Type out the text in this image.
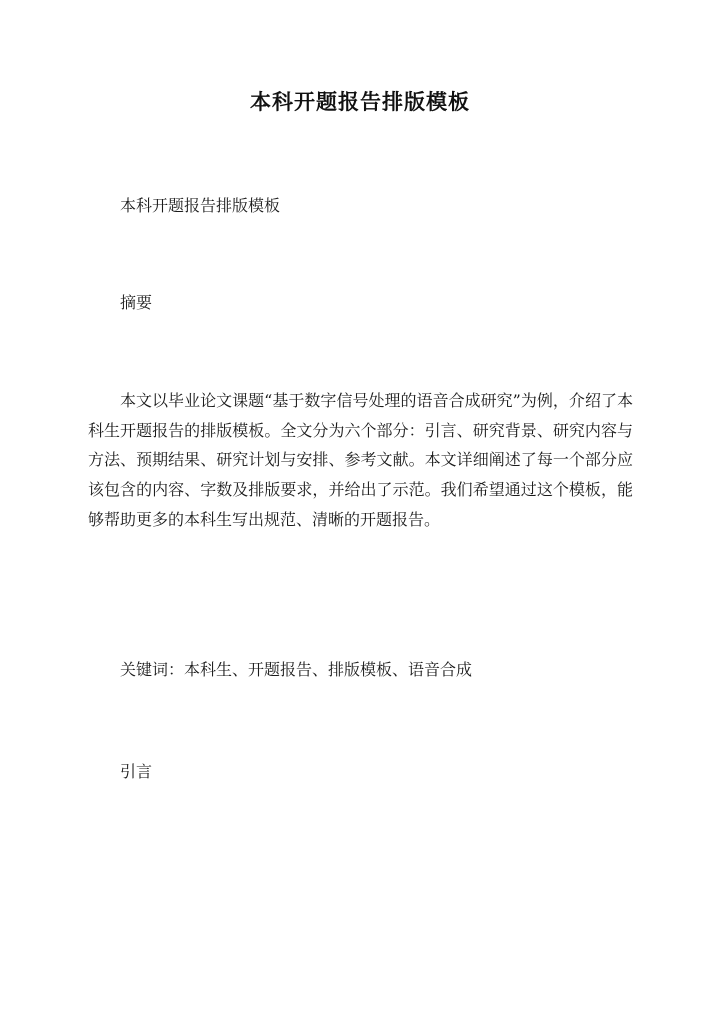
本科开题报告排版模板
本科开题报告排版模板
摘要
本文以毕业论文课题“基于数字信号处理的语音合成研究”为例，介绍了本科生开题报告的排版模板。全文分为六个部分：引言、研究背景、研究内容与方法、预期结果、研究计划与安排、参考文献。本文详细阐述了每一个部分应该包含的内容、字数及排版要求，并给出了示范。我们希望通过这个模板，能够帮助更多的本科生写出规范、清晰的开题报告。
关键词：本科生、开题报告、排版模板、语音合成
引言
